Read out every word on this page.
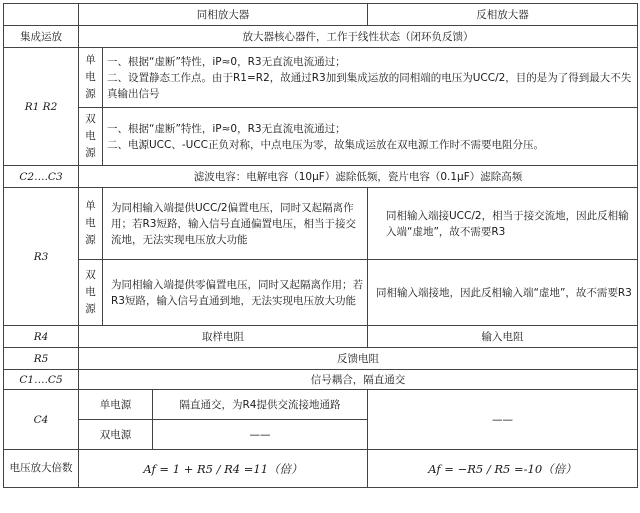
	同相放大器			反相放大器
集成运放	放大器核心器件，工作于线性状态（闭环负反馈）			
R1 R2	单电源	一、根据“虚断”特性，iP≈0，R3无直流电流通过；
二、设置静态工作点。由于R1=R2，故通过R3加到集成运放的同相端的电压为UCC/2，目的是为了得到最大不失真输出信号		

	双电源	一、根据“虚断”特性，iP≈0，R3无直流电流通过；
二、电源UCC、-UCC正负对称，中点电压为零，故集成运放在双电源工作时不需要电阻分压。		

C2….C3	滤波电容：电解电容（10μF）滤除低频，瓷片电容（0.1μF）滤除高频			
R3	单电源	为同相输入端提供UCC/2偏置电压，同时又起隔离作用；若R3短路，输入信号直通偏置电压，相当于接交流地，无法实现电压放大功能		同相输入端接UCC/2，相当于接交流地，因此反相输入端“虚地”，故不需要R3
	双电源	为同相输入端提供零偏置电压，同时又起隔离作用；若R3短路，输入信号直通到地，无法实现电压放大功能		同相输入端接地，因此反相输入端“虚地”，故不需要R3
R4	取样电阻			输入电阻
R5	反馈电阻			
C1….C5	信号耦合，隔直通交			
C4	单电源		隔直通交，为R4提供交流接地通路	——
	双电源		——	
电压放大倍数	Af = 1 + R5 / R4 =11（倍）			Af = −R5 / R5 =-10（倍）
